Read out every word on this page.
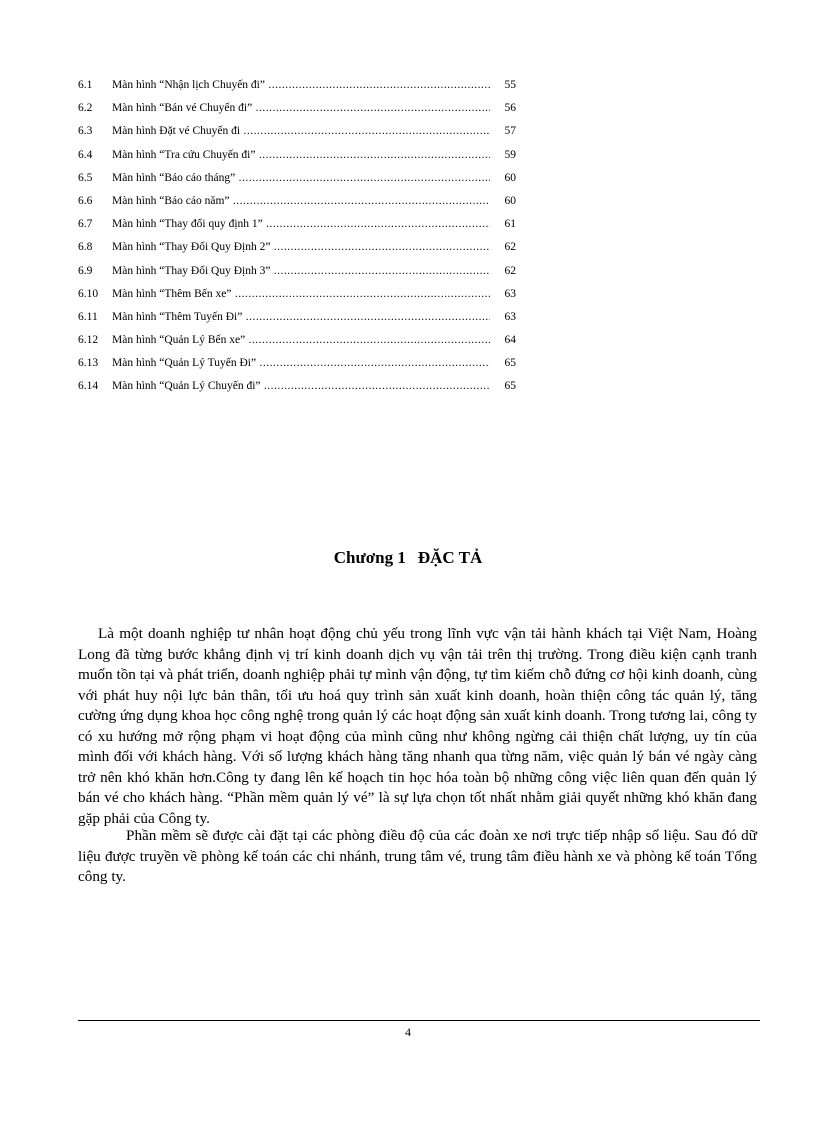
6.1 Màn hình “Nhận lịch Chuyến đi” .....	55
6.2 Màn hình “Bán vé Chuyến đi” .....	56
6.3 Màn hình Đặt vé Chuyến đi .....	57
6.4 Màn hình “Tra cứu Chuyến đi” .....	59
6.5 Màn hình “Báo cáo tháng” .....	60
6.6 Màn hình “Báo cáo năm” .....	60
6.7 Màn hình “Thay đổi quy định 1” .....	61
6.8 Màn hình “Thay Đổi Quy Định 2” .....	62
6.9 Màn hình “Thay Đổi Quy Định 3” .....	62
6.10 Màn hình “Thêm Bến xe” .....	63
6.11 Màn hình “Thêm Tuyến Đi” .....	63
6.12 Màn hình “Quản Lý Bến xe” .....	64
6.13 Màn hình “Quản Lý Tuyến Đi” .....	65
6.14 Màn hình “Quản Lý Chuyến đi” .....	65
Chương 1 ĐẶC TẢ

Là một doanh nghiệp tư nhân hoạt động chủ yếu trong lĩnh vực vận tải hành khách tại Việt Nam, Hoàng Long đã từng bước khẳng định vị trí kinh doanh dịch vụ vận tải trên thị trường. Trong điều kiện cạnh tranh muốn tồn tại và phát triển, doanh nghiệp phải tự mình vận động, tự tìm kiếm chỗ đứng cơ hội kinh doanh, cùng với phát huy nội lực bản thân, tối ưu hoá quy trình sản xuất kinh doanh, hoàn thiện công tác quản lý, tăng cường ứng dụng khoa học công nghệ trong quản lý các hoạt động sản xuất kinh doanh. Trong tương lai, công ty có xu hướng mở rộng phạm vi hoạt động của mình cũng như không ngừng cải thiện chất lượng, uy tín của mình đối với khách hàng. Với số lượng khách hàng tăng nhanh qua từng năm, việc quản lý bán vé ngày càng trở nên khó khăn hơn.Công ty đang lên kế hoạch tin học hóa toàn bộ những công việc liên quan đến quản lý bán vé cho khách hàng. “Phần mềm quản lý vé” là sự lựa chọn tốt nhất nhằm giải quyết những khó khăn đang gặp phải của Công ty.

Phần mềm sẽ được cài đặt tại các phòng điều độ của các đoàn xe nơi trực tiếp nhập số liệu. Sau đó dữ liệu được truyền về phòng kế toán các chi nhánh, trung tâm vé, trung tâm điều hành xe và phòng kế toán Tổng công ty.

4
